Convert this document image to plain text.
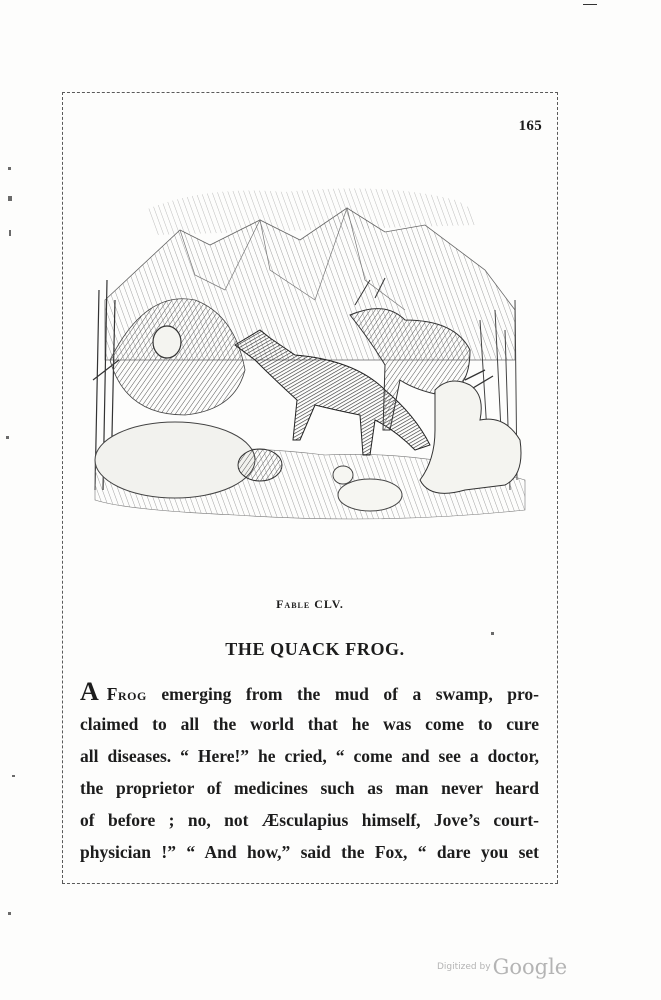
165
Fable CLV.
THE QUACK FROG.
A Frog emerging from the mud of a swamp, pro-
claimed to all the world that he was come to cure
all diseases. “ Here!” he cried, “ come and see a doctor,
the proprietor of medicines such as man never heard
of before ; no, not Æsculapius himself, Jove’s court-
physician !” “ And how,” said the Fox, “ dare you set
Digitized byGoogle
